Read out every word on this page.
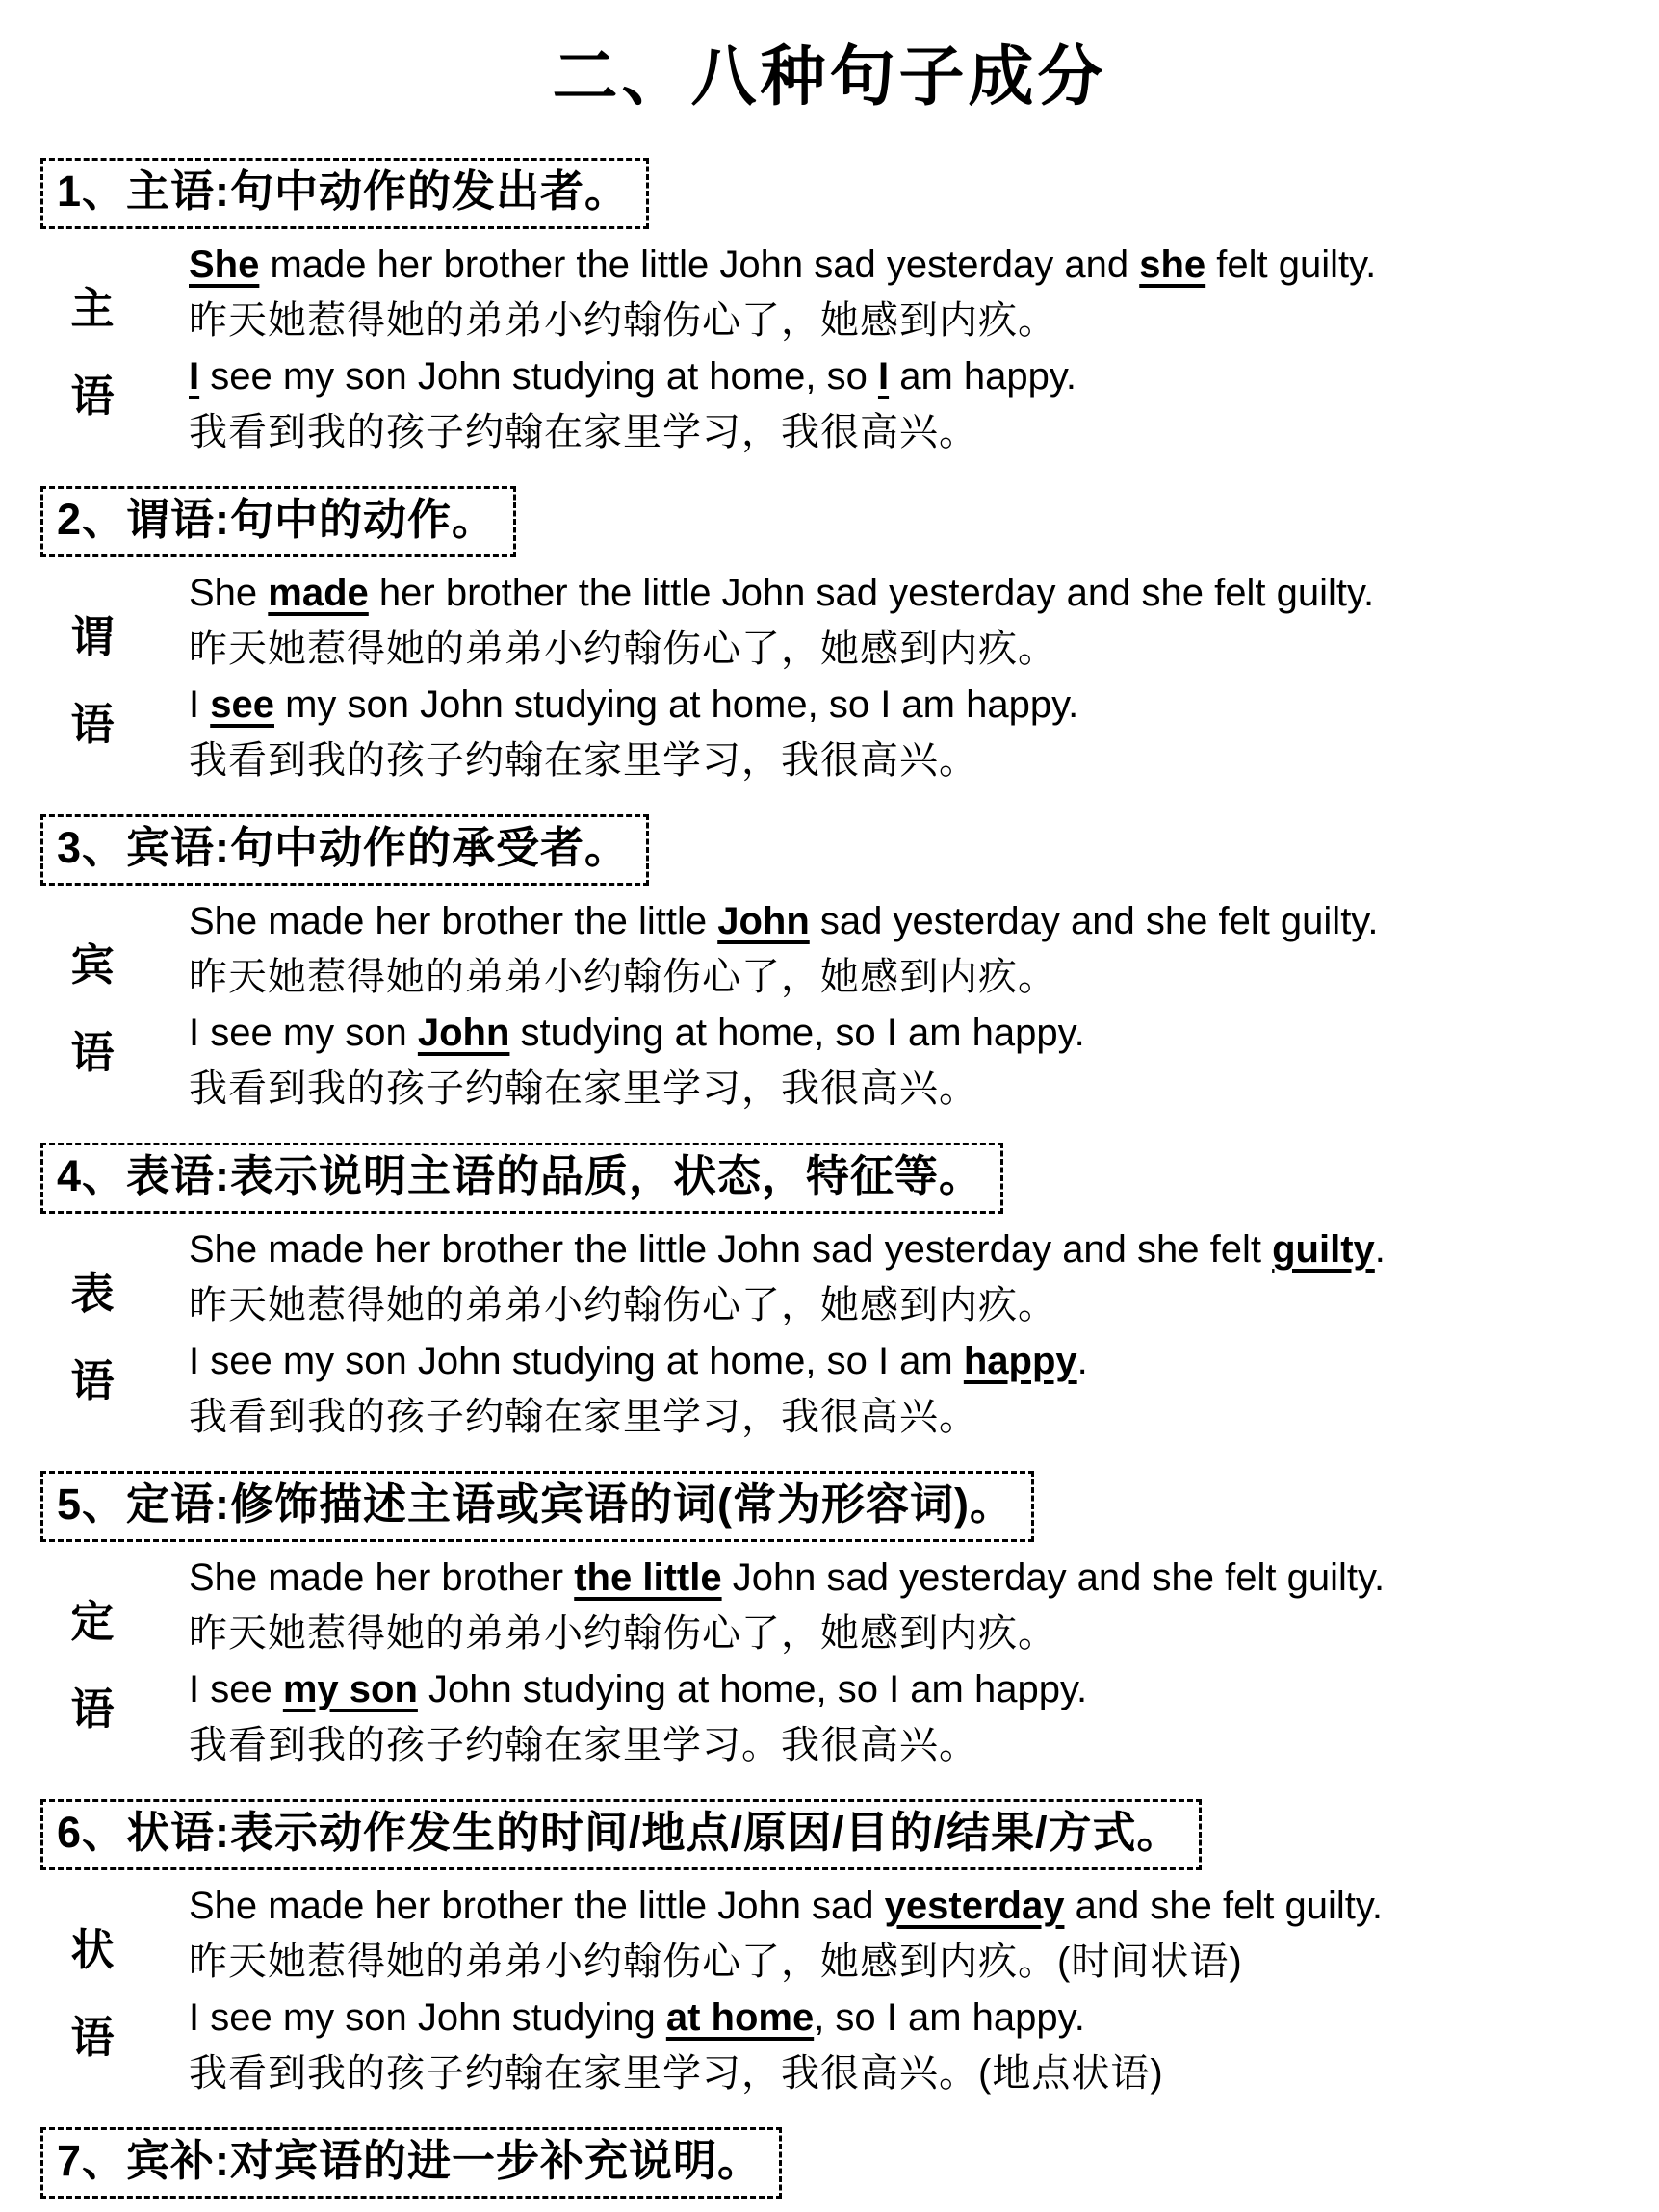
二、八种句子成分
1、主语:句中动作的发出者。
主
语
She made her brother the little John sad yesterday and she felt guilty.
昨天她惹得她的弟弟小约翰伤心了，她感到内疚。
I see my son John studying at home, so I am happy.
我看到我的孩子约翰在家里学习，我很高兴。
2、谓语:句中的动作。
谓
语
She made her brother the little John sad yesterday and she felt guilty.
昨天她惹得她的弟弟小约翰伤心了，她感到内疚。
I see my son John studying at home, so I am happy.
我看到我的孩子约翰在家里学习，我很高兴。
3、宾语:句中动作的承受者。
宾
语
She made her brother the little John sad yesterday and she felt guilty.
昨天她惹得她的弟弟小约翰伤心了，她感到内疚。
I see my son John studying at home, so I am happy.
我看到我的孩子约翰在家里学习，我很高兴。
4、表语:表示说明主语的品质，状态，特征等。
表
语
She made her brother the little John sad yesterday and she felt guilty.
昨天她惹得她的弟弟小约翰伤心了，她感到内疚。
I see my son John studying at home, so I am happy.
我看到我的孩子约翰在家里学习，我很高兴。
5、定语:修饰描述主语或宾语的词(常为形容词)。
定
语
She made her brother the little John sad yesterday and she felt guilty.
昨天她惹得她的弟弟小约翰伤心了，她感到内疚。
I see my son John studying at home, so I am happy.
我看到我的孩子约翰在家里学习。我很高兴。
6、状语:表示动作发生的时间/地点/原因/目的/结果/方式。
状
语
She made her brother the little John sad yesterday and she felt guilty.
昨天她惹得她的弟弟小约翰伤心了，她感到内疚。(时间状语)
I see my son John studying at home, so I am happy.
我看到我的孩子约翰在家里学习，我很高兴。(地点状语)
7、宾补:对宾语的进一步补充说明。
